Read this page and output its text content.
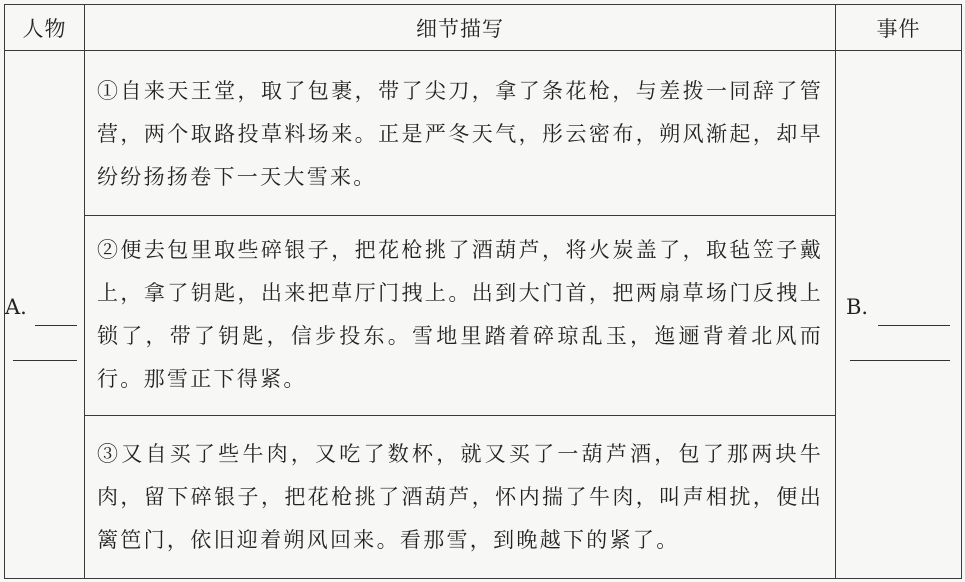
人物	细节描写	事件

A.	①自来天王堂，取了包裹，带了尖刀，拿了条花枪，与差拨一同辞了管营，两个取路投草料场来。正是严冬天气，彤云密布，朔风渐起，却早纷纷扬扬卷下一天大雪来。	B.

	②便去包里取些碎银子，把花枪挑了酒葫芦，将火炭盖了，取毡笠子戴上，拿了钥匙，出来把草厅门拽上。出到大门首，把两扇草场门反拽上锁了，带了钥匙，信步投东。雪地里踏着碎琼乱玉，迤逦背着北风而行。那雪正下得紧。	
	③又自买了些牛肉，又吃了数杯，就又买了一葫芦酒，包了那两块牛肉，留下碎银子，把花枪挑了酒葫芦，怀内揣了牛肉，叫声相扰，便出篱笆门，依旧迎着朔风回来。看那雪，到晚越下的紧了。	
